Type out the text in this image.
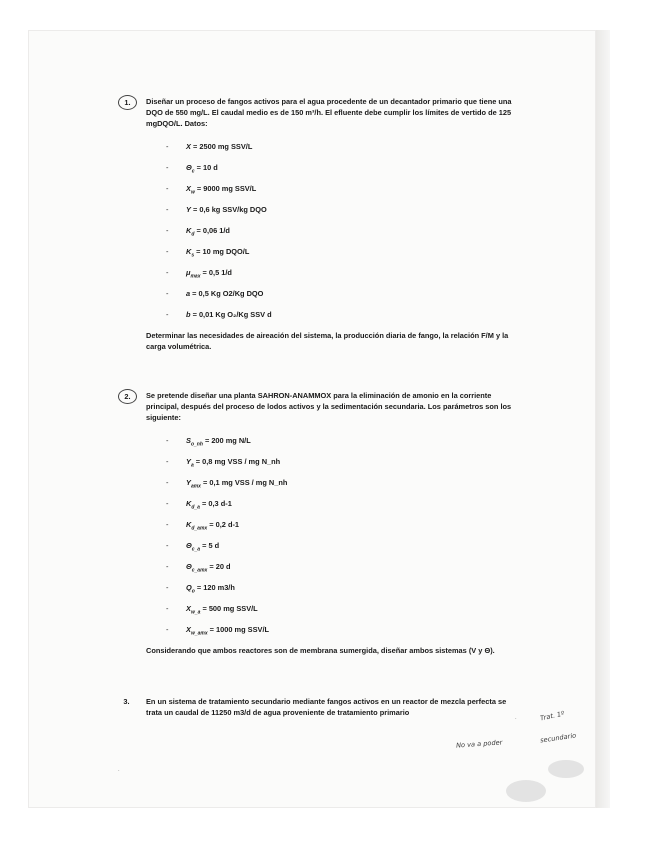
1.	Diseñar un proceso de fangos activos para el agua procedente de un decantador primario que tiene una DQO de 550 mg/L. El caudal medio es de 150 m³/h. El efluente debe cumplir los límites de vertido de 125 mgDQO/L. Datos:
- X = 2500 mg SSV/L
- $\Theta_c = 10$ d
- $X_w = 9000$ mg SSV/L
- Y = 0,6 kg SSV/kg DQO
- $K_d = 0,06$ 1/d
- $K_s = 10$ mg DQO/L
- $\mu_{max} = 0,5$ 1/d
- a = 0,5 Kg O2/Kg DQO
- b = 0,01 Kg O₂/Kg SSV d
Determinar las necesidades de aireación del sistema, la producción diaria de fango, la relación F/M y la carga volumétrica.
2.	Se pretende diseñar una planta SAHRON-ANAMMOX para la eliminación de amonio en la corriente principal, después del proceso de lodos activos y la sedimentación secundaria. Los parámetros son los siguiente:
- $S_{o\_nh} = 200$ mg N/L
- $Y_a = 0,8$ mg VSS / mg N_nh
- $Y_{amx} = 0,1$ mg VSS / mg N_nh
- $K_{d\_a} = 0,3$ d-1
- $K_{d\_amx} = 0,2$ d-1
- $\Theta_{c\_a} = 5$ d
- $\Theta_{c\_amx} = 20$ d
- $Q_o = 120$ m3/h
- $X_{w\_a} = 500$ mg SSV/L
- $X_{w\_amx} = 1000$ mg SSV/L
Considerando que ambos reactores son de membrana sumergida, diseñar ambos sistemas (V y Θ).
3.	En un sistema de tratamiento secundario mediante fangos activos en un reactor de mezcla perfecta se trata un caudal de 11250 m3/d de agua proveniente de tratamiento primario
No va a poder
Trat. 1º
secundario
·
·
